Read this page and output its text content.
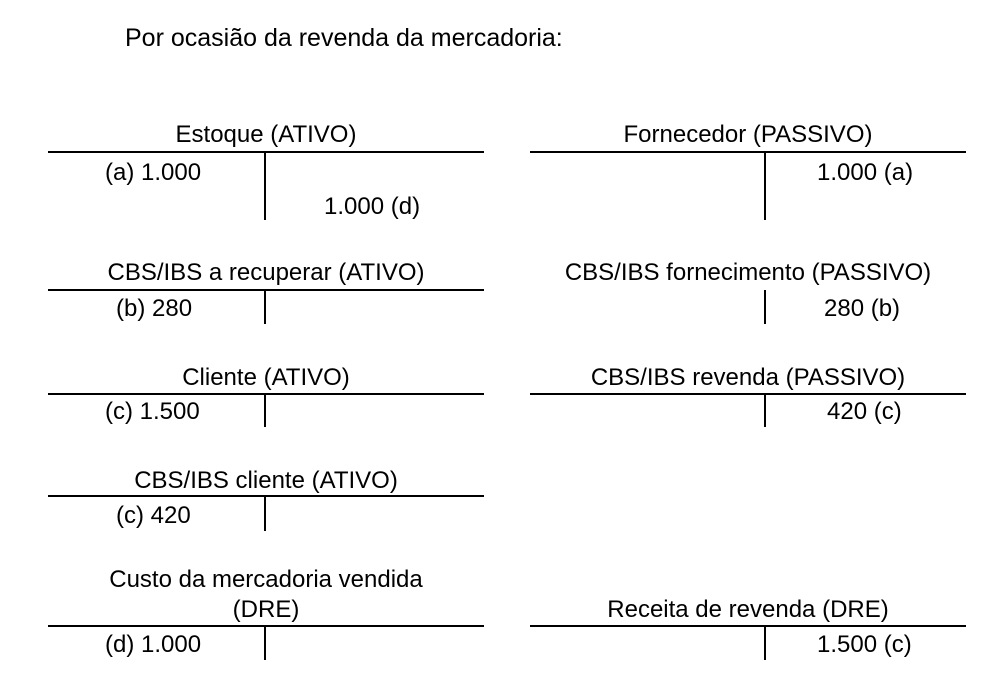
Por ocasião da revenda da mercadoria:
Estoque (ATIVO)
(a) 1.000
1.000 (d)
Fornecedor (PASSIVO)
1.000 (a)
CBS/IBS a recuperar (ATIVO)
(b) 280
CBS/IBS fornecimento (PASSIVO)
280 (b)
Cliente (ATIVO)
(c) 1.500
CBS/IBS revenda (PASSIVO)
420 (c)
CBS/IBS cliente (ATIVO)
(c) 420
Custo da mercadoria vendida
(DRE)
(d) 1.000
Receita de revenda (DRE)
1.500 (c)
